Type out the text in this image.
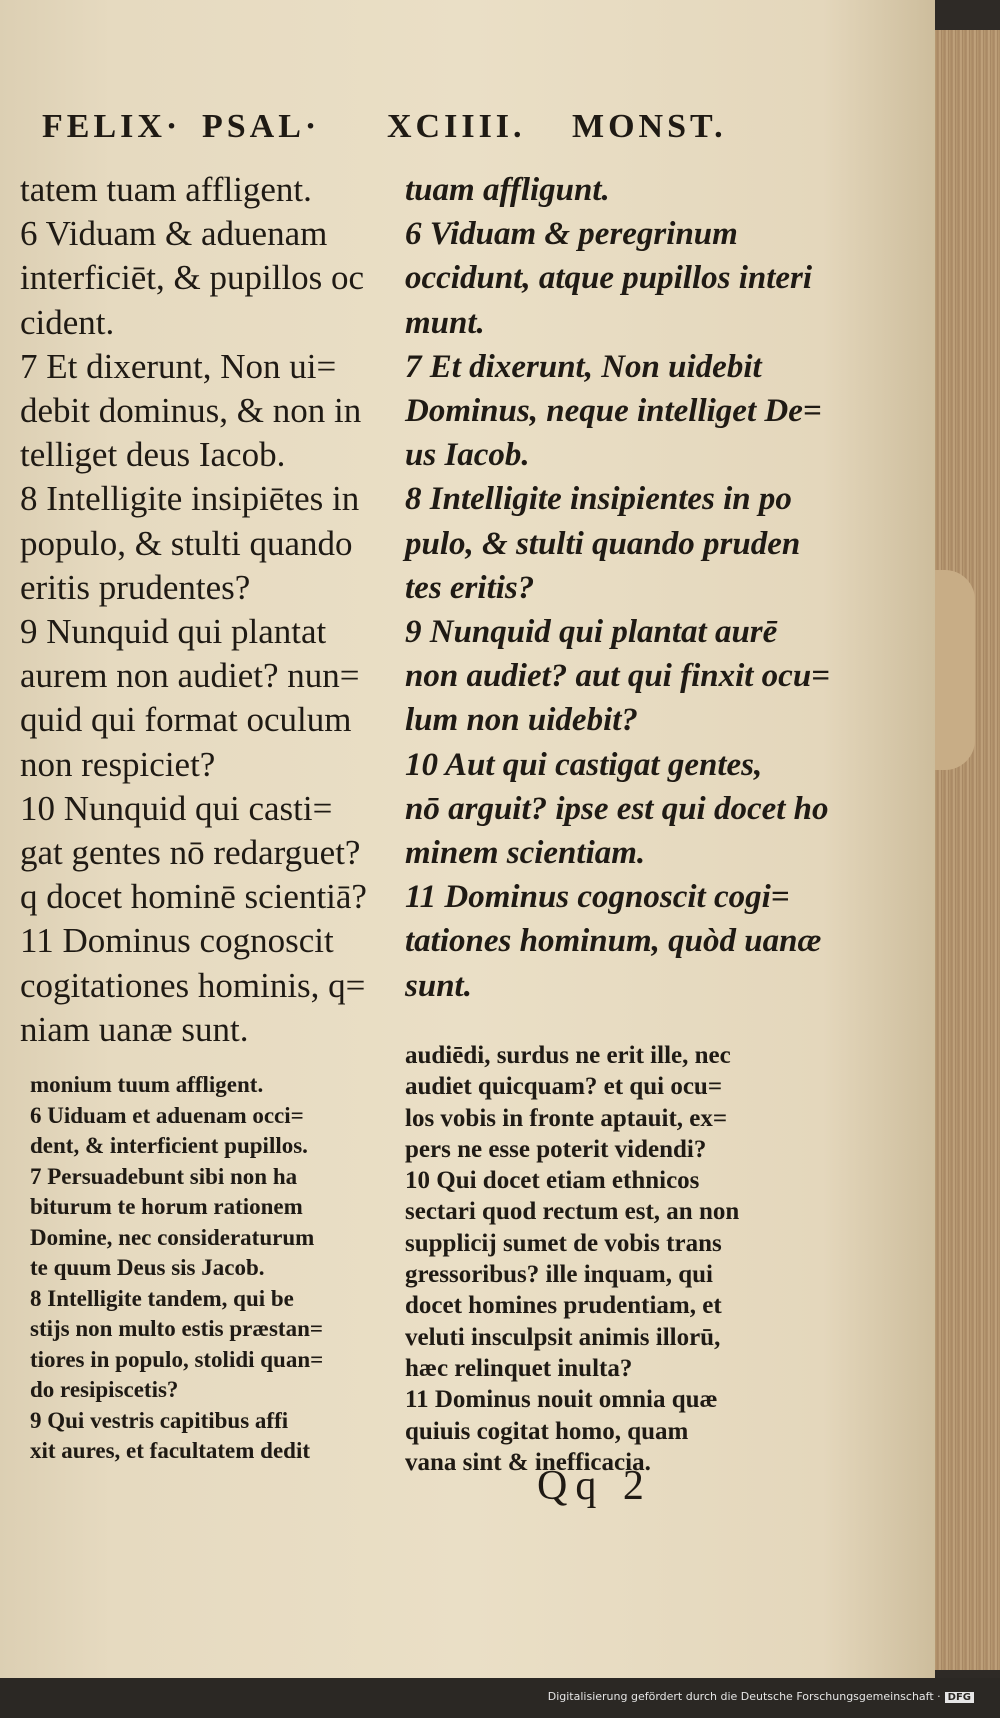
FELIX· PSAL· XCIIII. MONST.
tatem tuam affligent.
6 Viduam & aduenam
interficiēt, & pupillos oc
cident.
7 Et dixerunt, Non ui=
debit dominus, & non in
telliget deus Iacob.
8 Intelligite insipiētes in
populo, & stulti quando
eritis prudentes?
9 Nunquid qui plantat
aurem non audiet? nun=
quid qui format oculum
non respiciet?
10 Nunquid qui casti=
gat gentes nō redarguet?
q docet hominē scientiā?
11 Dominus cognoscit
cogitationes hominis, q=
niam uanæ sunt.
tuam affligunt.
6 Viduam & peregrinum
occidunt, atque pupillos interi
munt.
7 Et dixerunt, Non uidebit
Dominus, neque intelliget De=
us Iacob.
8 Intelligite insipientes in po
pulo, & stulti quando pruden
tes eritis?
9 Nunquid qui plantat aurē
non audiet? aut qui finxit ocu=
lum non uidebit?
10 Aut qui castigat gentes,
nō arguit? ipse est qui docet ho
minem scientiam.
11 Dominus cognoscit cogi=
tationes hominum, quòd uanæ
sunt.
monium tuum affligent.
6 Uiduam et aduenam occi=
dent, & interficient pupillos.
7 Persuadebunt sibi non ha
biturum te horum rationem
Domine, nec consideraturum
te quum Deus sis Jacob.
8 Intelligite tandem, qui be
stijs non multo estis præstan=
tiores in populo, stolidi quan=
do resipiscetis?
9 Qui vestris capitibus affi
xit aures, et facultatem dedit
audiēdi, surdus ne erit ille, nec
audiet quicquam? et qui ocu=
los vobis in fronte aptauit, ex=
pers ne esse poterit videndi?
10 Qui docet etiam ethnicos
sectari quod rectum est, an non
supplicij sumet de vobis trans
gressoribus? ille inquam, qui
docet homines prudentiam, et
veluti insculpsit animis illorū,
hæc relinquet inulta?
11 Dominus nouit omnia quæ
quiuis cogitat homo, quam
vana sint & inefficacia.
Qq 2
Digitalisierung gefördert durch die Deutsche Forschungsgemeinschaft · DFG
